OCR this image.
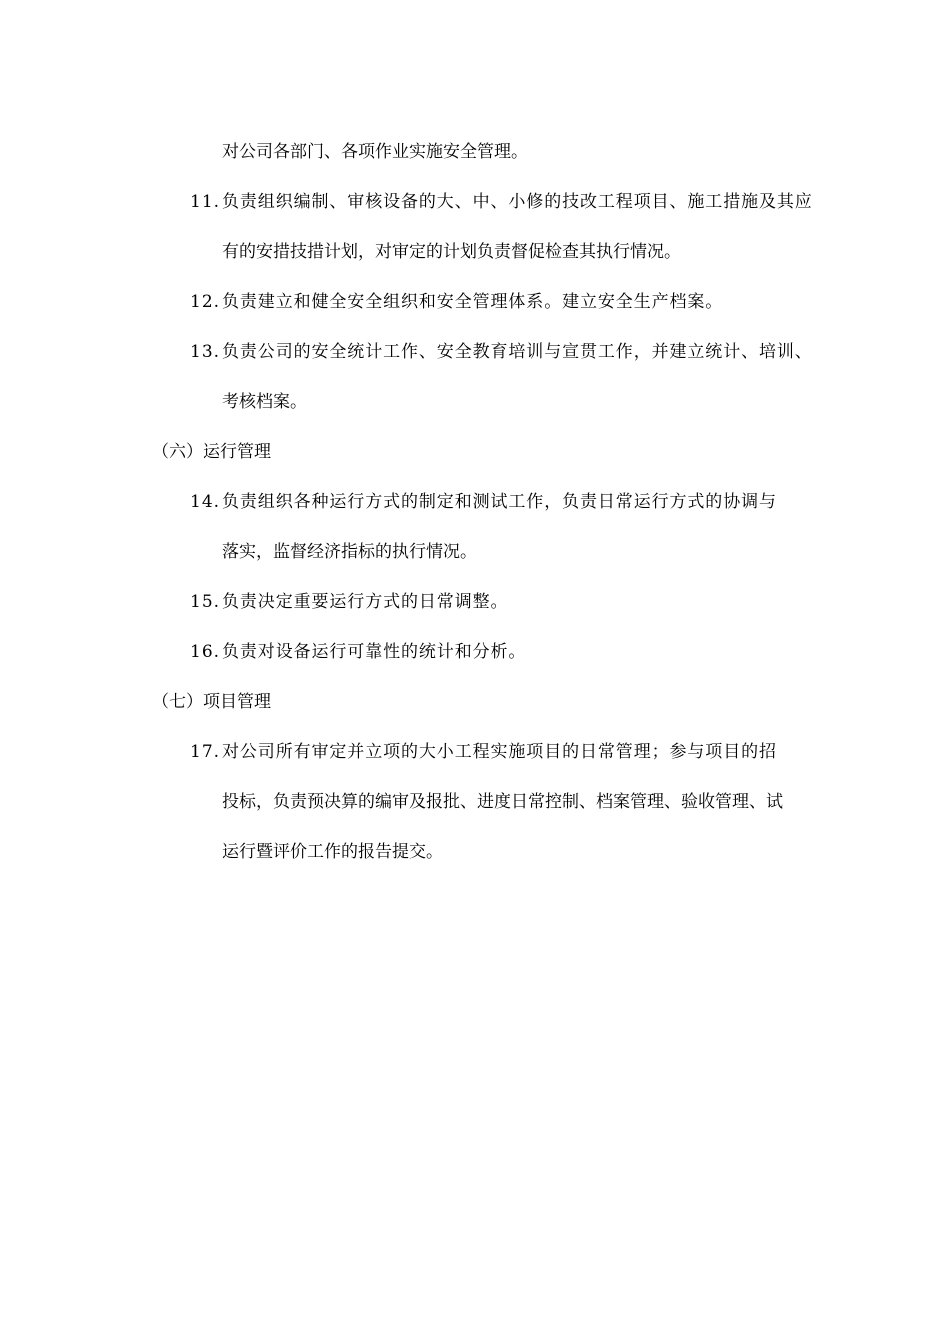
对公司各部门、各项作业实施安全管理。
11. 负责组织编制、审核设备的大、中、小修的技改工程项目、施工措施及其应
有的安措技措计划，对审定的计划负责督促检查其执行情况。
12. 负责建立和健全安全组织和安全管理体系。建立安全生产档案。
13. 负责公司的安全统计工作、安全教育培训与宣贯工作，并建立统计、培训、
考核档案。
（六）运行管理
14. 负责组织各种运行方式的制定和测试工作，负责日常运行方式的协调与
落实，监督经济指标的执行情况。
15. 负责决定重要运行方式的日常调整。
16. 负责对设备运行可靠性的统计和分析。
（七）项目管理
17. 对公司所有审定并立项的大小工程实施项目的日常管理；参与项目的招
投标，负责预决算的编审及报批、进度日常控制、档案管理、验收管理、试
运行暨评价工作的报告提交。
